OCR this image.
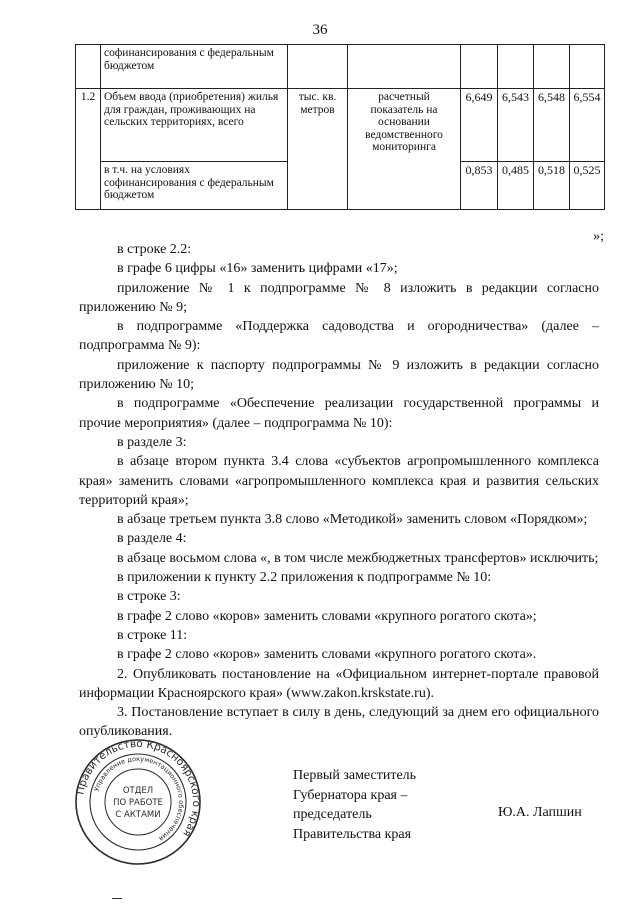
36
	софинансирования с федеральным бюджетом						
1.2	Объем ввода (приобретения) жилья для граждан, проживающих на сельских территориях, всего	тыс. кв. метров	расчетный показатель на основании ведомственного мониторинга	6,649	6,543	6,548	6,554
	в т.ч. на условиях софинансирования с федеральным бюджетом			0,853	0,485	0,518	0,525
»;

в строке 2.2:

в графе 6 цифры «16» заменить цифрами «17»;

приложение № 1 к подпрограмме № 8 изложить в редакции согласно приложению № 9;

в подпрограмме «Поддержка садоводства и огородничества» (далее – подпрограмма № 9):

приложение к паспорту подпрограммы № 9 изложить в редакции согласно приложению № 10;

в подпрограмме «Обеспечение реализации государственной программы и прочие мероприятия» (далее – подпрограмма № 10):

в разделе 3:

в абзаце втором пункта 3.4 слова «субъектов агропромышленного комплекса края» заменить словами «агропромышленного комплекса края и развития сельских территорий края»;

в абзаце третьем пункта 3.8 слово «Методикой» заменить словом «Порядком»;

в разделе 4:

в абзаце восьмом слова «, в том числе межбюджетных трансфертов» исключить;

в приложении к пункту 2.2 приложения к подпрограмме № 10:

в строке 3:

в графе 2 слово «коров» заменить словами «крупного рогатого скота»;

в строке 11:

в графе 2 слово «коров» заменить словами «крупного рогатого скота».

2. Опубликовать постановление на «Официальном интернет-портале правовой информации Красноярского края» (www.zakon.krskstate.ru).

3. Постановление вступает в силу в день, следующий за днем его официального опубликования.

Правительство Красноярского края
Управление документационного обеспечения
ОТДЕЛ
ПО РАБОТЕ
С АКТАМИ
Первый заместитель
Губернатора края –
председатель
Правительства края
Ю.А. Лапшин
